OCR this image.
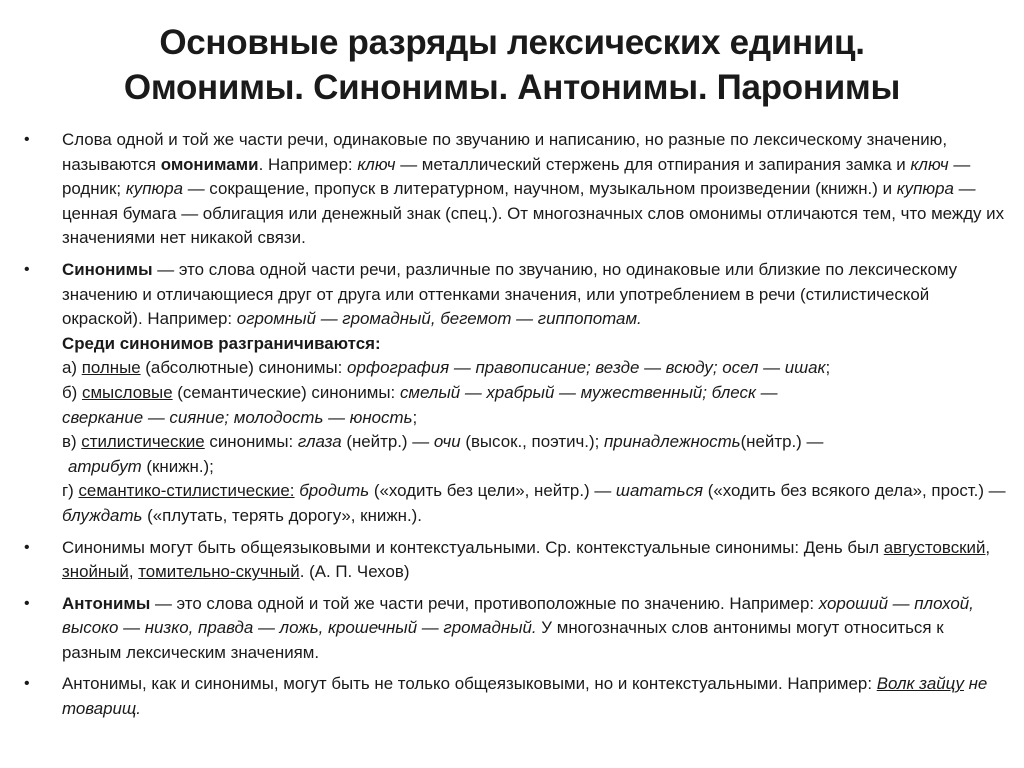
Основные разряды лексических единиц.
Омонимы. Синонимы. Антонимы. Паронимы
• Слова одной и той же части речи, одинаковые по звучанию и написанию, но разные по лексическому значению, называются омонимами. Например: ключ — металлический стержень для отпирания и запирания замка и ключ — родник; купюра — сокращение, пропуск в литературном, научном, музыкальном произведении (книжн.) и купюра — ценная бумага — облигация или денежный знак (спец.). От многозначных слов омонимы отличаются тем, что между их значениями нет никакой связи.

• Синонимы — это слова одной части речи, различные по звучанию, но одинаковые или близкие по лексическому значению и отличающиеся друг от друга или оттенками значения, или употреблением в речи (стилистической окраской). Например: огромный — громадный, бегемот — гиппопотам.

Среди синонимов разграничиваются:
а) полные (абсолютные) синонимы: орфография — правописание; везде — всюду; осел — ишак;
б) смысловые (семантические) синонимы: смелый — храбрый — мужественный; блеск —
сверкание — сияние; молодость — юность;
в) стилистические синонимы: глаза (нейтр.) — очи (высок., поэтич.); принадлежность(нейтр.) —
атрибут (книжн.);

г) семантико-стилистические: бродить («ходить без цели», нейтр.) — шататься («ходить без всякого дела», прост.) — блуждать («плутать, терять дорогу», книжн.).

• Синонимы могут быть общеязыковыми и контекстуальными. Ср. контекстуальные синонимы: День был августовский, знойный, томительно-скучный. (А. П. Чехов)

• Антонимы — это слова одной и той же части речи, противоположные по значению. Например: хороший — плохой, высоко — низко, правда — ложь, крошечный — громадный. У многозначных слов антонимы могут относиться к разным лексическим значениям.

• Антонимы, как и синонимы, могут быть не только общеязыковыми, но и контекстуальными. Например: Волк зайцу не товарищ.
